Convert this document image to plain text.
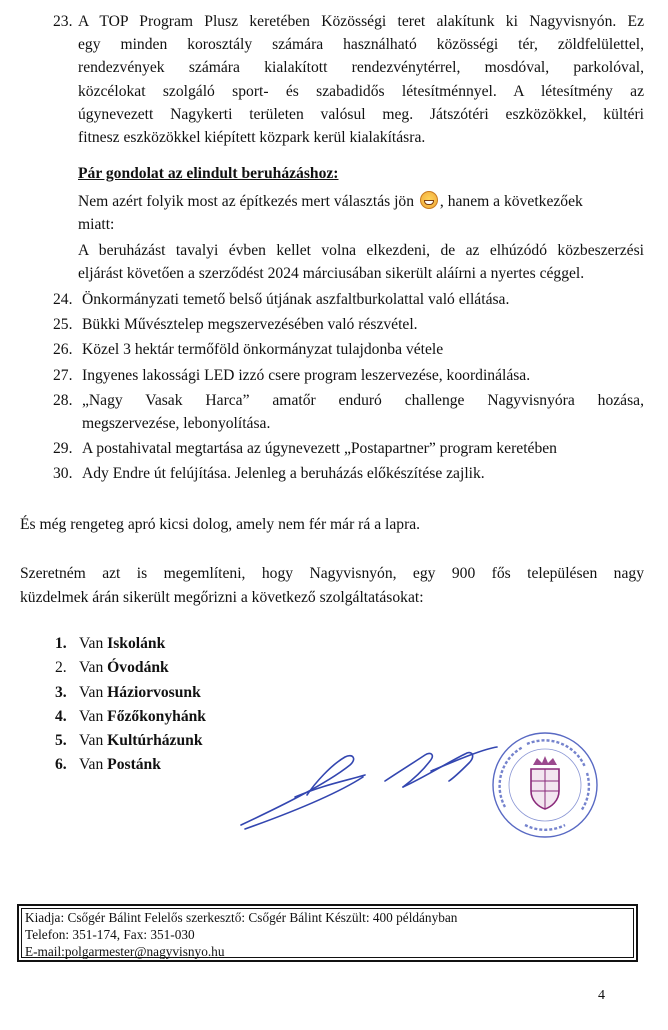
23. A TOP Program Plusz keretében Közösségi teret alakítunk ki Nagyvisnyón. Ez
egy minden korosztály számára használható közösségi tér, zöldfelülettel,
rendezvények számára kialakított rendezvénytérrel, mosdóval, parkolóval,
közcélokat szolgáló sport- és szabadidős létesítménnyel. A létesítmény az
úgynevezett Nagykerti területen valósul meg. Játszótéri eszközökkel, kültéri
fitnesz eszközökkel kiépített közpark kerül kialakításra.
Pár gondolat az elindult beruházáshoz:
Nem azért folyik most az építkezés mert választás jön , hanem a következőek
miatt:
A beruházást tavalyi évben kellet volna elkezdeni, de az elhúzódó közbeszerzési
eljárást követően a szerződést 2024 márciusában sikerült aláírni a nyertes céggel.
24. Önkormányzati temető belső útjának aszfaltburkolattal való ellátása.
25. Bükki Művésztelep megszervezésében való részvétel.
26. Közel 3 hektár termőföld önkormányzat tulajdonba vétele
27. Ingyenes lakossági LED izzó csere program leszervezése, koordinálása.
28. „Nagy Vasak Harca” amatőr enduró challenge Nagyvisnyóra hozása,
megszervezése, lebonyolítása.
29. A postahivatal megtartása az úgynevezett „Postapartner” program keretében
30. Ady Endre út felújítása. Jelenleg a beruházás előkészítése zajlik.
És még rengeteg apró kicsi dolog, amely nem fér már rá a lapra.
Szeretném azt is megemlíteni, hogy Nagyvisnyón, egy 900 fős településen nagy
küzdelmek árán sikerült megőrizni a következő szolgáltatásokat:
1. Van Iskolánk
2. Van Óvodánk
3. Van Háziorvosunk
4. Van Főzőkonyhánk
5. Van Kultúrházunk
6. Van Postánk
Kiadja: Csőgér Bálint Felelős szerkesztő: Csőgér Bálint Készült: 400 példányban
Telefon: 351-174, Fax: 351-030
E-mail:polgarmester@nagyvisnyo.hu
4
